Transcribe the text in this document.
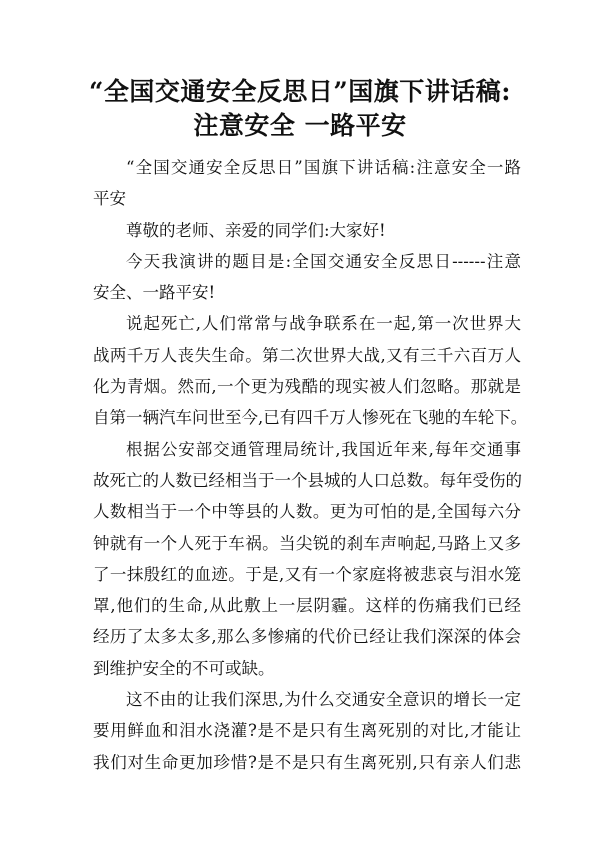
“全国交通安全反思日”国旗下讲话稿:
注意安全 一路平安

“全国交通安全反思日”国旗下讲话稿:注意安全一路
平安

尊敬的老师、亲爱的同学们:大家好!

今天我演讲的题目是:全国交通安全反思日------注意
安全、一路平安!

说起死亡,人们常常与战争联系在一起,第一次世界大
战两千万人丧失生命。第二次世界大战,又有三千六百万人
化为青烟。然而,一个更为残酷的现实被人们忽略。那就是
自第一辆汽车问世至今,已有四千万人惨死在飞驰的车轮下。

根据公安部交通管理局统计,我国近年来,每年交通事
故死亡的人数已经相当于一个县城的人口总数。每年受伤的
人数相当于一个中等县的人数。更为可怕的是,全国每六分
钟就有一个人死于车祸。当尖锐的刹车声响起,马路上又多
了一抹殷红的血迹。于是,又有一个家庭将被悲哀与泪水笼
罩,他们的生命,从此敷上一层阴霾。这样的伤痛我们已经
经历了太多太多,那么多惨痛的代价已经让我们深深的体会
到维护安全的不可或缺。

这不由的让我们深思,为什么交通安全意识的增长一定
要用鲜血和泪水浇灌?是不是只有生离死别的对比,才能让
我们对生命更加珍惜?是不是只有生离死别,只有亲人们悲
